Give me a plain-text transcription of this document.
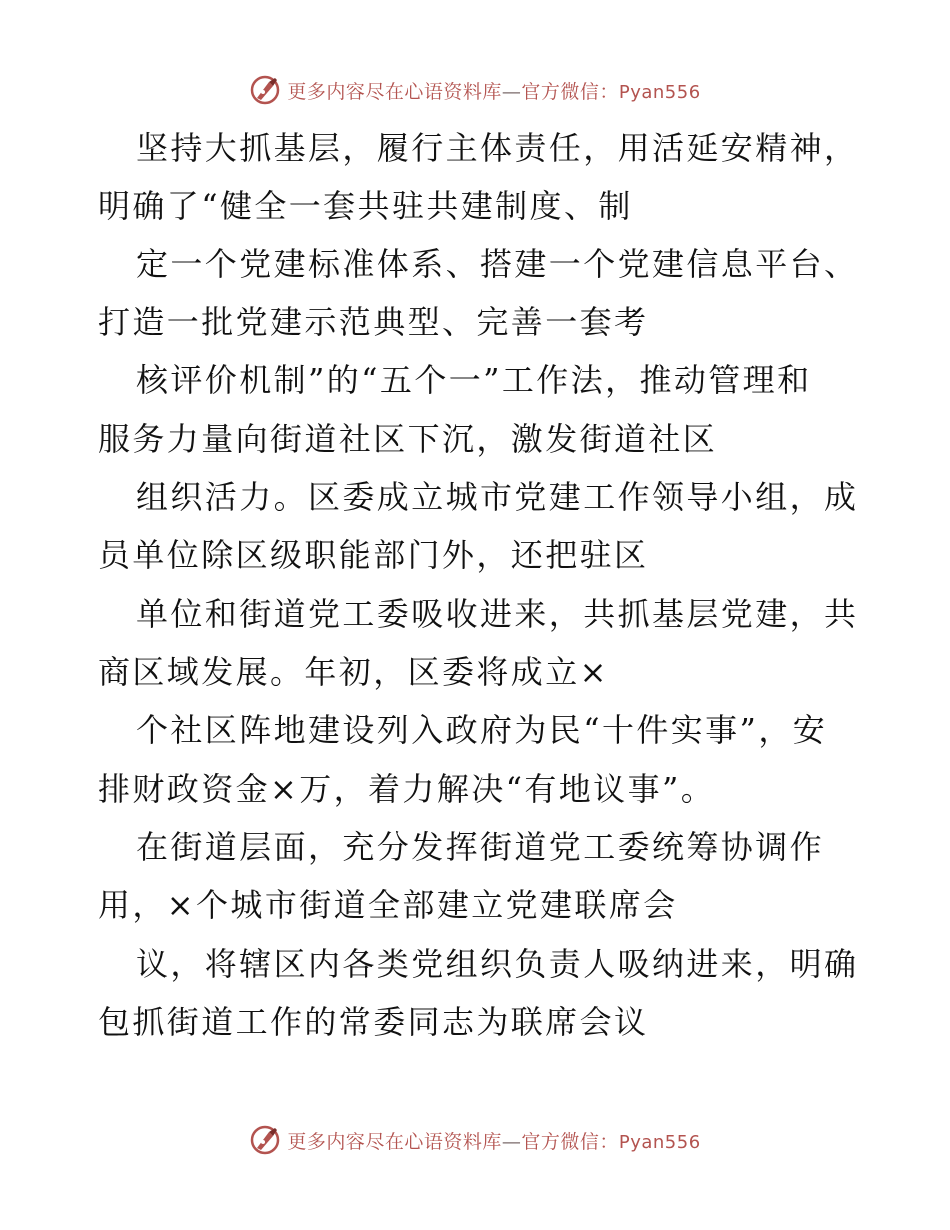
更多内容尽在心语资料库—官方微信：Pyan556
坚持大抓基层，履行主体责任，用活延安精神，
明确了“健全一套共驻共建制度、制
定一个党建标准体系、搭建一个党建信息平台、
打造一批党建示范典型、完善一套考
核评价机制”的“五个一”工作法，推动管理和
服务力量向街道社区下沉，激发街道社区
组织活力。区委成立城市党建工作领导小组，成
员单位除区级职能部门外，还把驻区
单位和街道党工委吸收进来，共抓基层党建，共
商区域发展。年初，区委将成立×
个社区阵地建设列入政府为民“十件实事”，安
排财政资金×万，着力解决“有地议事”。
在街道层面，充分发挥街道党工委统筹协调作
用，×个城市街道全部建立党建联席会
议，将辖区内各类党组织负责人吸纳进来，明确
包抓街道工作的常委同志为联席会议
更多内容尽在心语资料库—官方微信：Pyan556
